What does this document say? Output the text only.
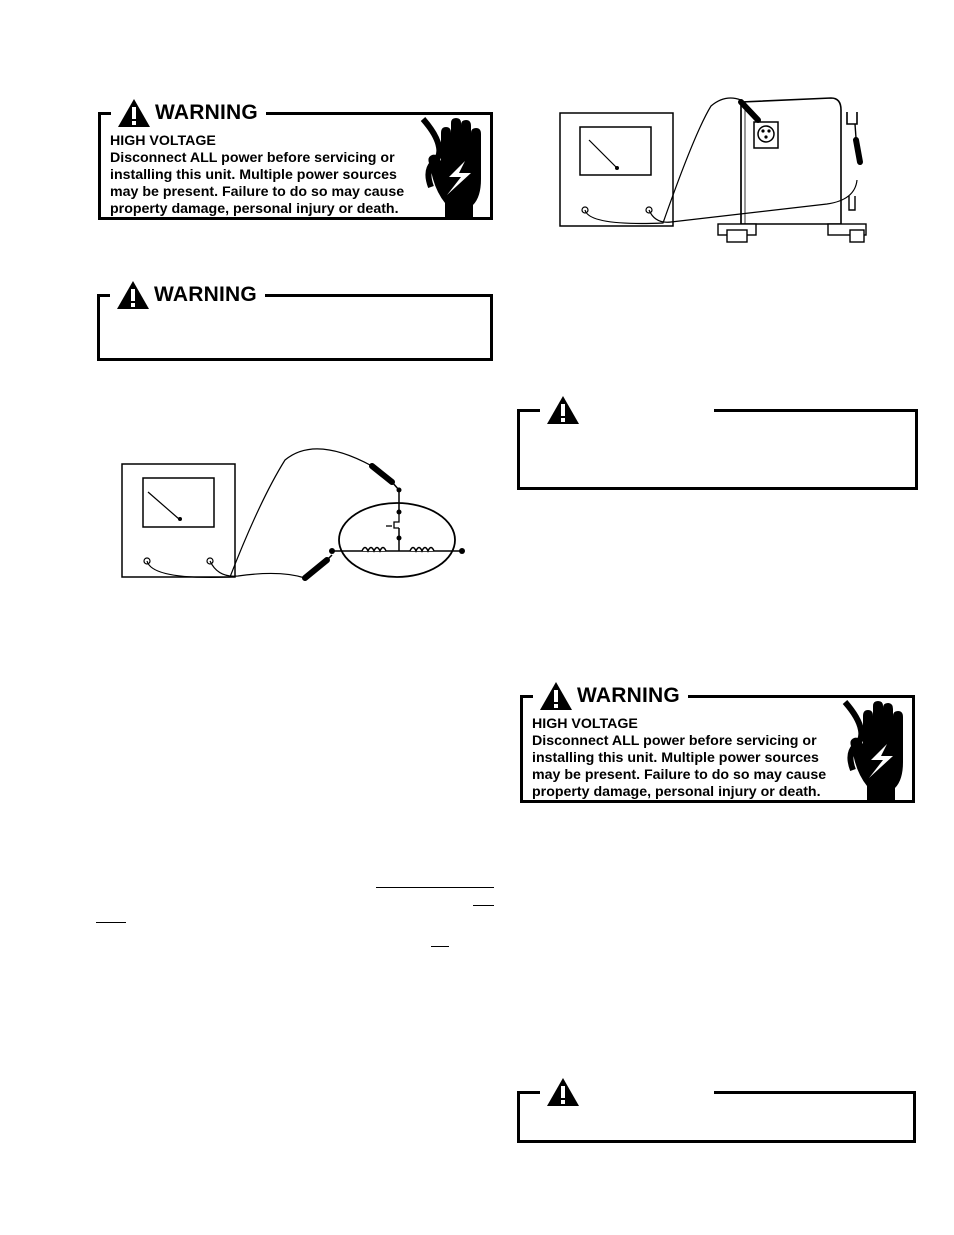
WARNING
HIGH VOLTAGE
Disconnect ALL power before servicing or
installing this unit. Multiple power sources
may be present. Failure to do so may cause
property damage, personal injury or death.
WARNING
WARNING
HIGH VOLTAGE
Disconnect ALL power before servicing or
installing this unit. Multiple power sources
may be present. Failure to do so may cause
property damage, personal injury or death.
